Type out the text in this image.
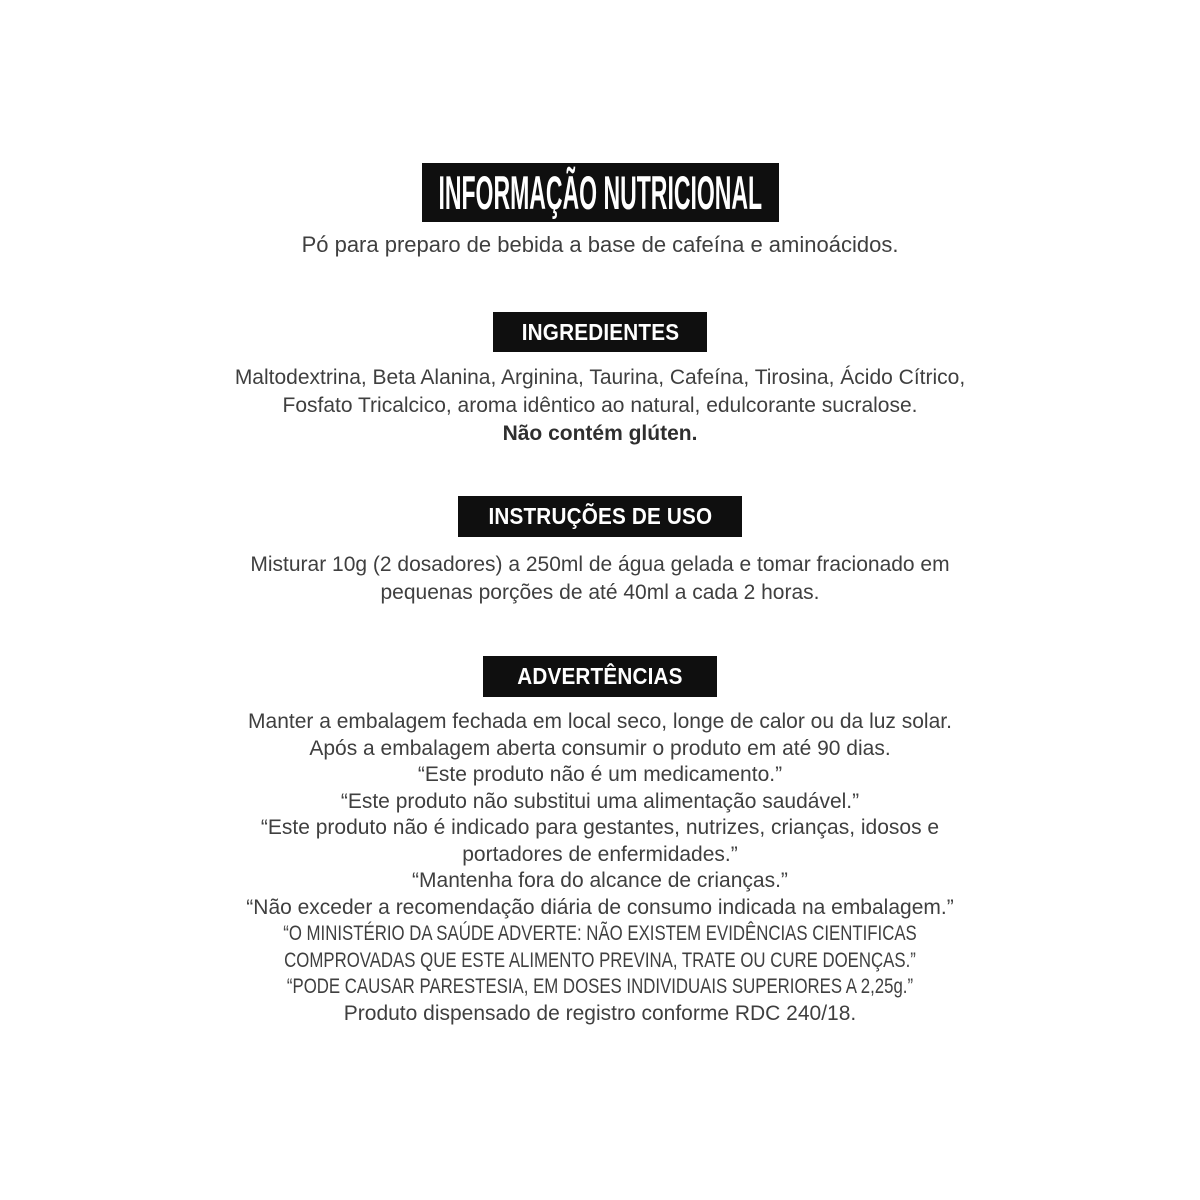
INFORMAÇÃO NUTRICIONAL
Pó para preparo de bebida a base de cafeína e aminoácidos.
INGREDIENTES
Maltodextrina, Beta Alanina, Arginina, Taurina, Cafeína, Tirosina, Ácido Cítrico,
Fosfato Tricalcico, aroma idêntico ao natural, edulcorante sucralose.
Não contém glúten.
INSTRUÇÕES DE USO
Misturar 10g (2 dosadores) a 250ml de água gelada e tomar fracionado em
pequenas porções de até 40ml a cada 2 horas.
ADVERTÊNCIAS
Manter a embalagem fechada em local seco, longe de calor ou da luz solar.
Após a embalagem aberta consumir o produto em até 90 dias.
“Este produto não é um medicamento.”
“Este produto não substitui uma alimentação saudável.”
“Este produto não é indicado para gestantes, nutrizes, crianças, idosos e
portadores de enfermidades.”
“Mantenha fora do alcance de crianças.”
“Não exceder a recomendação diária de consumo indicada na embalagem.”
“O MINISTÉRIO DA SAÚDE ADVERTE: NÃO EXISTEM EVIDÊNCIAS CIENTIFICAS
COMPROVADAS QUE ESTE ALIMENTO PREVINA, TRATE OU CURE DOENÇAS.”
“PODE CAUSAR PARESTESIA, EM DOSES INDIVIDUAIS SUPERIORES A 2,25g.”
Produto dispensado de registro conforme RDC 240/18.
